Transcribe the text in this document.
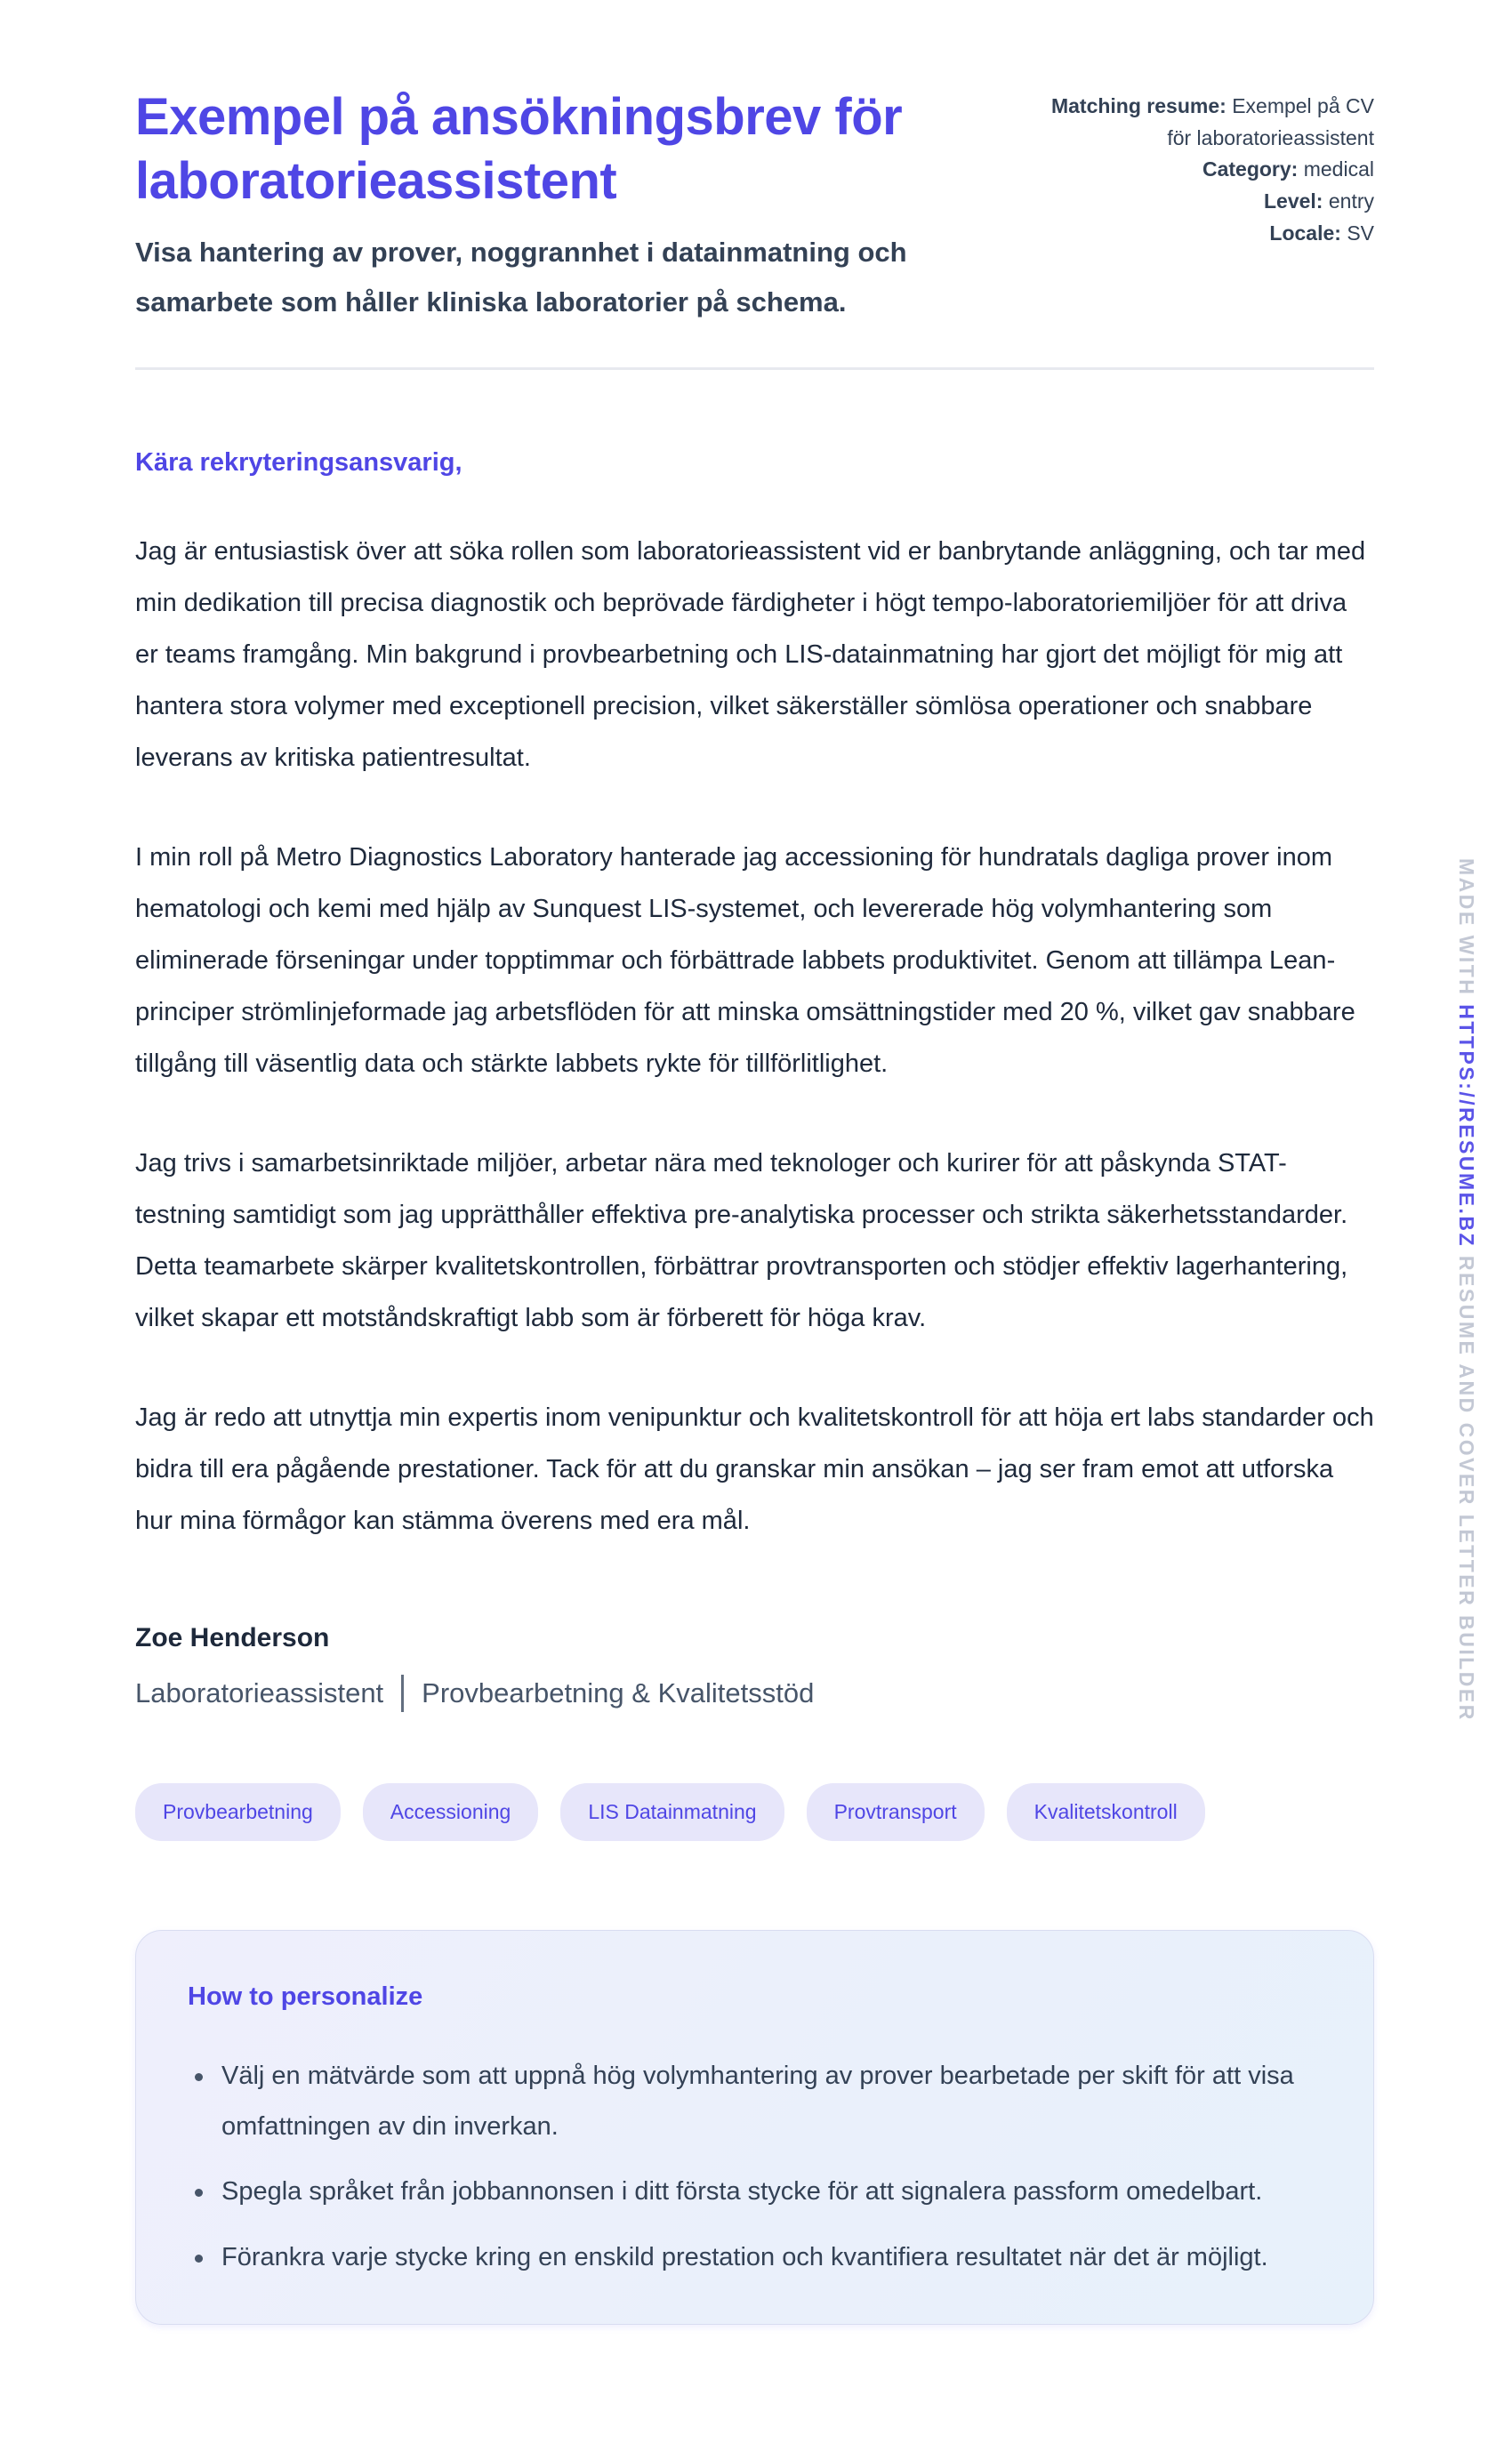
Exempel på ansökningsbrev för laboratorieassistent
Visa hantering av prover, noggrannhet i datainmatning och samarbete som håller kliniska laboratorier på schema.
Matching resume: Exempel på CV för laboratorieassistent
Category: medical
Level: entry
Locale: SV
Kära rekryteringsansvarig,

Jag är entusiastisk över att söka rollen som laboratorieassistent vid er banbrytande anläggning, och tar med min dedikation till precisa diagnostik och beprövade färdigheter i högt tempo-laboratoriemiljöer för att driva er teams framgång. Min bakgrund i provbearbetning och LIS-datainmatning har gjort det möjligt för mig att hantera stora volymer med exceptionell precision, vilket säkerställer sömlösa operationer och snabbare leverans av kritiska patientresultat.

I min roll på Metro Diagnostics Laboratory hanterade jag accessioning för hundratals dagliga prover inom hematologi och kemi med hjälp av Sunquest LIS-systemet, och levererade hög volymhantering som eliminerade förseningar under topptimmar och förbättrade labbets produktivitet. Genom att tillämpa Lean-principer strömlinjeformade jag arbetsflöden för att minska omsättningstider med 20 %, vilket gav snabbare tillgång till väsentlig data och stärkte labbets rykte för tillförlitlighet.

Jag trivs i samarbetsinriktade miljöer, arbetar nära med teknologer och kurirer för att påskynda STAT-testning samtidigt som jag upprätthåller effektiva pre-analytiska processer och strikta säkerhetsstandarder. Detta teamarbete skärper kvalitetskontrollen, förbättrar provtransporten och stödjer effektiv lagerhantering, vilket skapar ett motståndskraftigt labb som är förberett för höga krav.

Jag är redo att utnyttja min expertis inom venipunktur och kvalitetskontroll för att höja ert labs standarder och bidra till era pågående prestationer. Tack för att du granskar min ansökan – jag ser fram emot att utforska hur mina förmågor kan stämma överens med era mål.

Zoe Henderson
Laboratorieassistent Provbearbetning & Kvalitetsstöd
Provbearbetning	Accessioning	LIS Datainmatning	Provtransport	Kvalitetskontroll
How to personalize
Välj en mätvärde som att uppnå hög volymhantering av prover bearbetade per skift för att visa omfattningen av din inverkan.
Spegla språket från jobbannonsen i ditt första stycke för att signalera passform omedelbart.
Förankra varje stycke kring en enskild prestation och kvantifiera resultatet när det är möjligt.
MADE WITH HTTPS://RESUME.BZ RESUME AND COVER LETTER BUILDER
